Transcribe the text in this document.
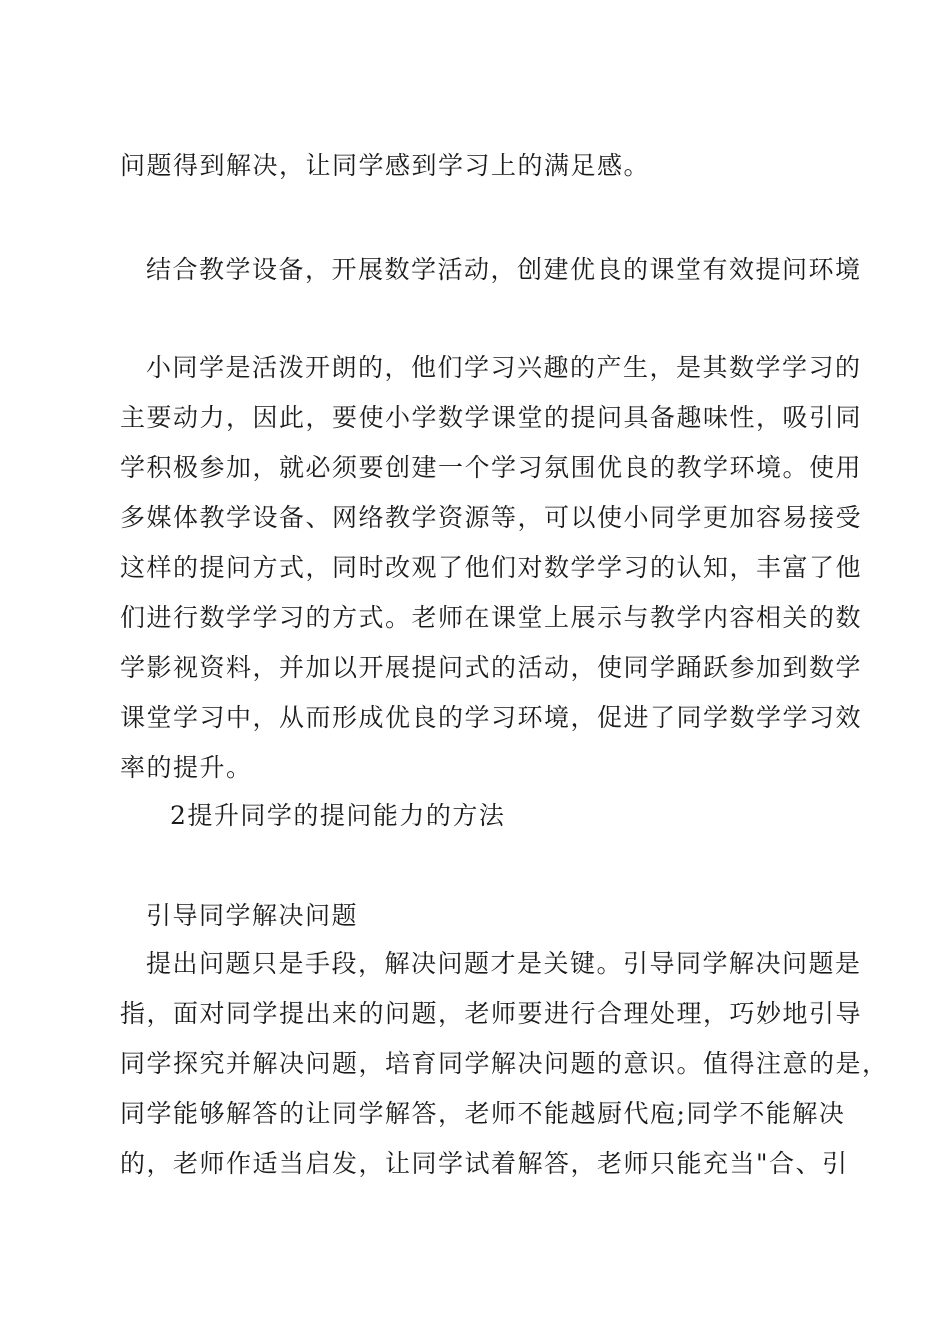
问题得到解决，让同学感到学习上的满足感。
结合教学设备，开展数学活动，创建优良的课堂有效提问环境
小同学是活泼开朗的，他们学习兴趣的产生，是其数学学习的
主要动力，因此，要使小学数学课堂的提问具备趣味性，吸引同
学积极参加，就必须要创建一个学习氛围优良的教学环境。使用
多媒体教学设备、网络教学资源等，可以使小同学更加容易接受
这样的提问方式，同时改观了他们对数学学习的认知，丰富了他
们进行数学学习的方式。老师在课堂上展示与教学内容相关的数
学影视资料，并加以开展提问式的活动，使同学踊跃参加到数学
课堂学习中，从而形成优良的学习环境，促进了同学数学学习效
率的提升。
2提升同学的提问能力的方法
引导同学解决问题
提出问题只是手段，解决问题才是关键。引导同学解决问题是
指，面对同学提出来的问题，老师要进行合理处理，巧妙地引导
同学探究并解决问题，培育同学解决问题的意识。值得注意的是，
同学能够解答的让同学解答，老师不能越厨代庖;同学不能解决
的，老师作适当启发，让同学试着解答，老师只能充当"合、引
